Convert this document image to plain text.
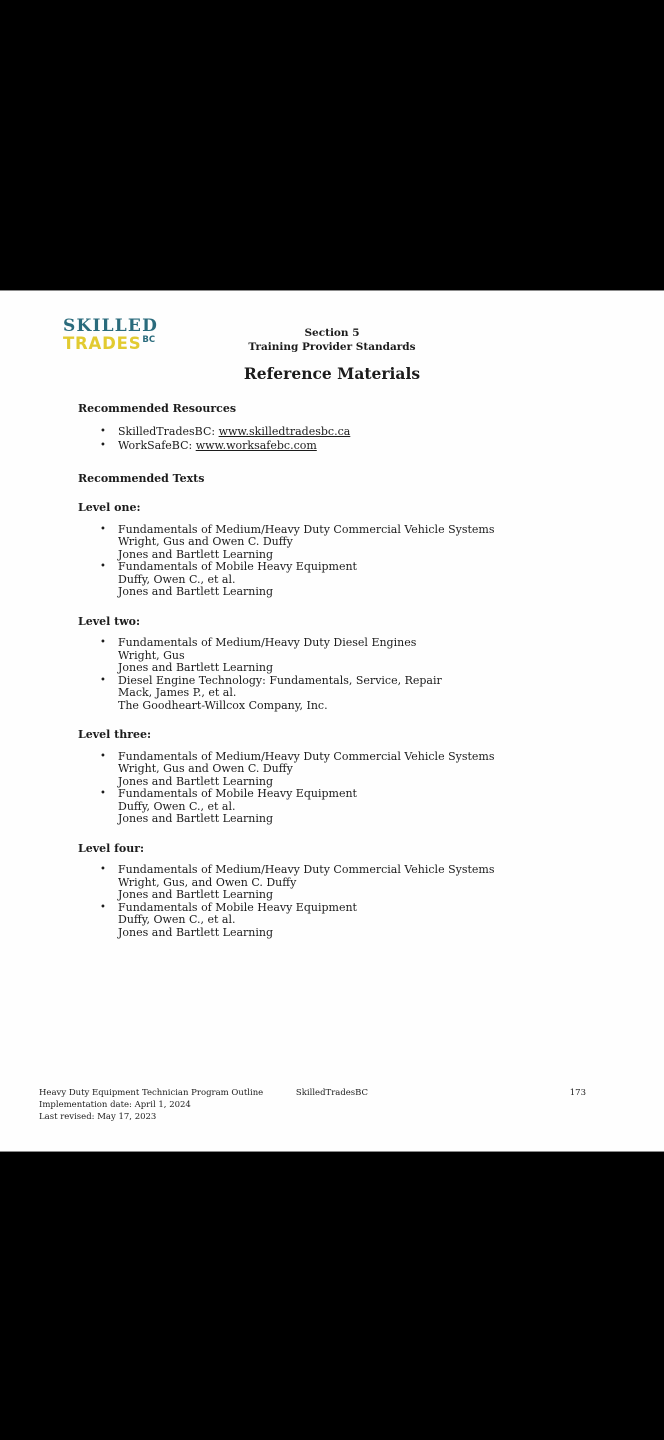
SKILLED
TRADES BC
Section 5
Training Provider Standards
Reference Materials
Recommended Resources
•	SkilledTradesBC: www.skilledtradesbc.ca
•	WorkSafeBC: www.worksafebc.com
Recommended Texts
Level one:
•	Fundamentals of Medium/Heavy Duty Commercial Vehicle Systems
Wright, Gus and Owen C. Duffy
Jones and Bartlett Learning
•	Fundamentals of Mobile Heavy Equipment
Duffy, Owen C., et al.
Jones and Bartlett Learning
Level two:
•	Fundamentals of Medium/Heavy Duty Diesel Engines
Wright, Gus
Jones and Bartlett Learning
•	Diesel Engine Technology: Fundamentals, Service, Repair
Mack, James P., et al.
The Goodheart-Willcox Company, Inc.
Level three:
•	Fundamentals of Medium/Heavy Duty Commercial Vehicle Systems
Wright, Gus and Owen C. Duffy
Jones and Bartlett Learning
•	Fundamentals of Mobile Heavy Equipment
Duffy, Owen C., et al.
Jones and Bartlett Learning
Level four:
•	Fundamentals of Medium/Heavy Duty Commercial Vehicle Systems
Wright, Gus, and Owen C. Duffy
Jones and Bartlett Learning
•	Fundamentals of Mobile Heavy Equipment
Duffy, Owen C., et al.
Jones and Bartlett Learning
SkilledTradesBC	173
Heavy Duty Equipment Technician Program Outline
Implementation date: April 1, 2024
Last revised: May 17, 2023
